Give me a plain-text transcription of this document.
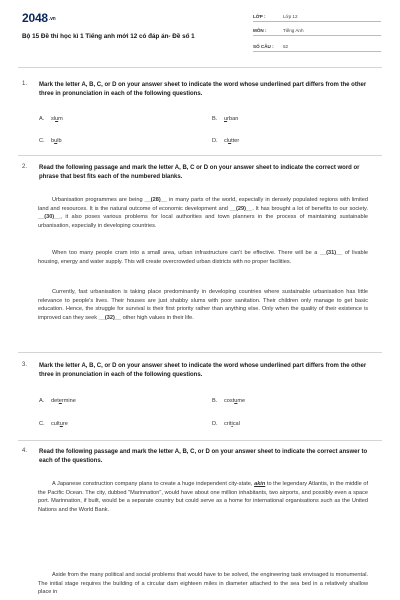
2048.vn
Bộ 15 Đề thi học kì 1 Tiếng anh mới 12 có đáp án- Đề số 1
LỚP :	Lớp 12
MÔN :	Tiếng Anh
SỐ CÂU : 52
1. Mark the letter A, B, C, or D on your answer sheet to indicate the word whose underlined part differs from the other three in pronunciation in each of the following questions.
A. slum	B. urban
C. bulb	D. clutter
2. Read the following passage and mark the letter A, B, C or D on your answer sheet to indicate the correct word or phrase that best fits each of the numbered blanks.
Urbanisation programmes are being __(28)__ in many parts of the world, especially in densely populated regions with limited land and resources. It is the natural outcome of economic development and __(29)__. It has brought a lot of benefits to our society. __(30)__, it also poses various problems for local authorities and town planners in the process of maintaining sustainable urbanisation, especially in developing countries.
When too many people cram into a small area, urban infrastructure can't be effective. There will be a __(31)__ of livable housing, energy and water supply. This will create overcrowded urban districts with no proper facilities.
Currently, fast urbanisation is taking place predominantly in developing countries where sustainable urbanisation has little relevance to people's lives. Their houses are just shabby slums with poor sanitation. Their children only manage to get basic education. Hence, the struggle for survival is their first priority rather than anything else. Only when the quality of their existence is improved can they seek __(32)__ other high values in their life.
3. Mark the letter A, B, C, or D on your answer sheet to indicate the word whose underlined part differs from the other three in pronunciation in each of the following questions.
A. determine	B. costume
C. culture	D. critical
4. Read the following passage and mark the letter A, B, C, or D on your answer sheet to indicate the correct answer to each of the questions.
A Japanese construction company plans to create a huge independent city-state, akin to the legendary Atlantis, in the middle of the Pacific Ocean. The city, dubbed "Marinnation", would have about one million inhabitants, two airports, and possibly even a space port. Marinnation, if built, would be a separate country but could serve as a home for international organisations such as the United Nations and the World Bank.
Aside from the many political and social problems that would have to be solved, the engineering task envisaged is monumental. The initial stage requires the building of a circular dam eighteen miles in diameter attached to the sea bed in a relatively shallow place in
